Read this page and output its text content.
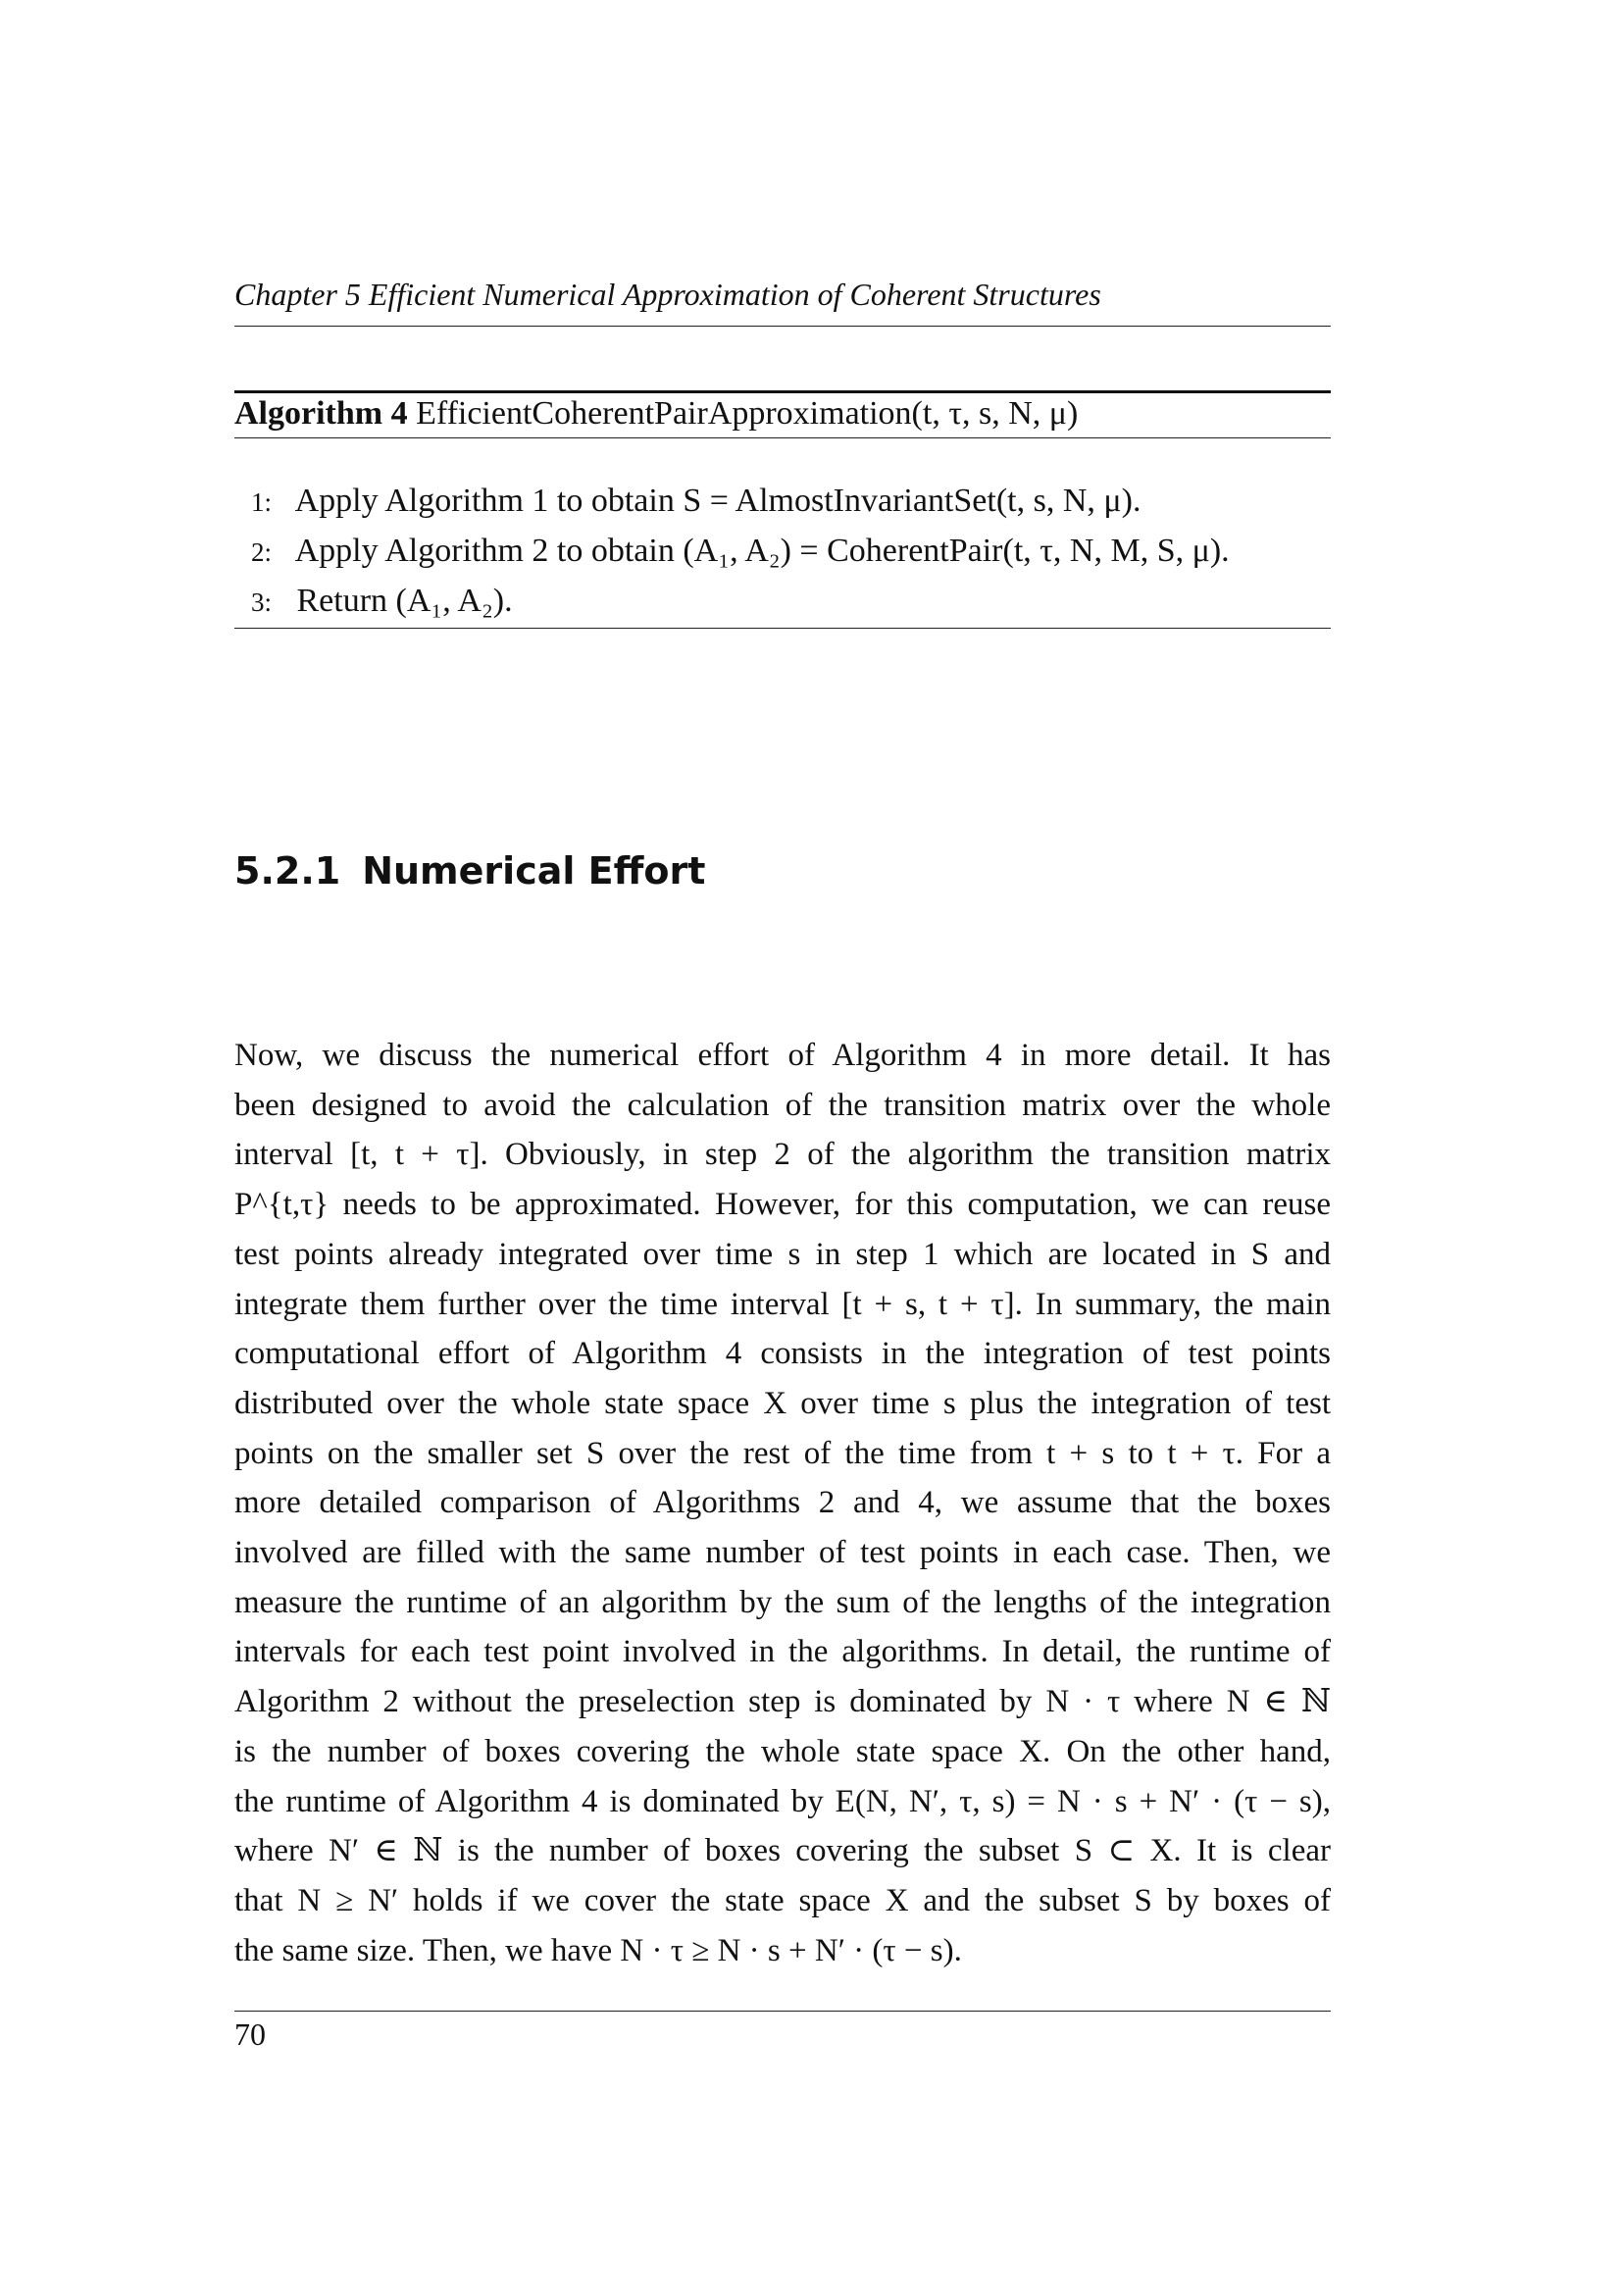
Chapter 5 Efficient Numerical Approximation of Coherent Structures
Algorithm 4 EfficientCoherentPairApproximation(t, τ, s, N, μ)
1: Apply Algorithm 1 to obtain S = AlmostInvariantSet(t, s, N, μ).
2: Apply Algorithm 2 to obtain (A₁, A₂) = CoherentPair(t, τ, N, M, S, μ).
3: Return (A₁, A₂).
5.2.1 Numerical Effort
Now, we discuss the numerical effort of Algorithm 4 in more detail. It has
been designed to avoid the calculation of the transition matrix over the whole
interval [t, t + τ]. Obviously, in step 2 of the algorithm the transition matrix
P^{t,τ} needs to be approximated. However, for this computation, we can reuse
test points already integrated over time s in step 1 which are located in S and
integrate them further over the time interval [t + s, t + τ]. In summary, the main
computational effort of Algorithm 4 consists in the integration of test points
distributed over the whole state space X over time s plus the integration of test
points on the smaller set S over the rest of the time from t + s to t + τ. For a
more detailed comparison of Algorithms 2 and 4, we assume that the boxes
involved are filled with the same number of test points in each case. Then, we
measure the runtime of an algorithm by the sum of the lengths of the integration
intervals for each test point involved in the algorithms. In detail, the runtime of
Algorithm 2 without the preselection step is dominated by N · τ where N ∈ ℕ
is the number of boxes covering the whole state space X. On the other hand,
the runtime of Algorithm 4 is dominated by E(N, N′, τ, s) = N · s + N′ · (τ − s),
where N′ ∈ ℕ is the number of boxes covering the subset S ⊂ X. It is clear
that N ≥ N′ holds if we cover the state space X and the subset S by boxes of
the same size. Then, we have N · τ ≥ N · s + N′ · (τ − s).
70
